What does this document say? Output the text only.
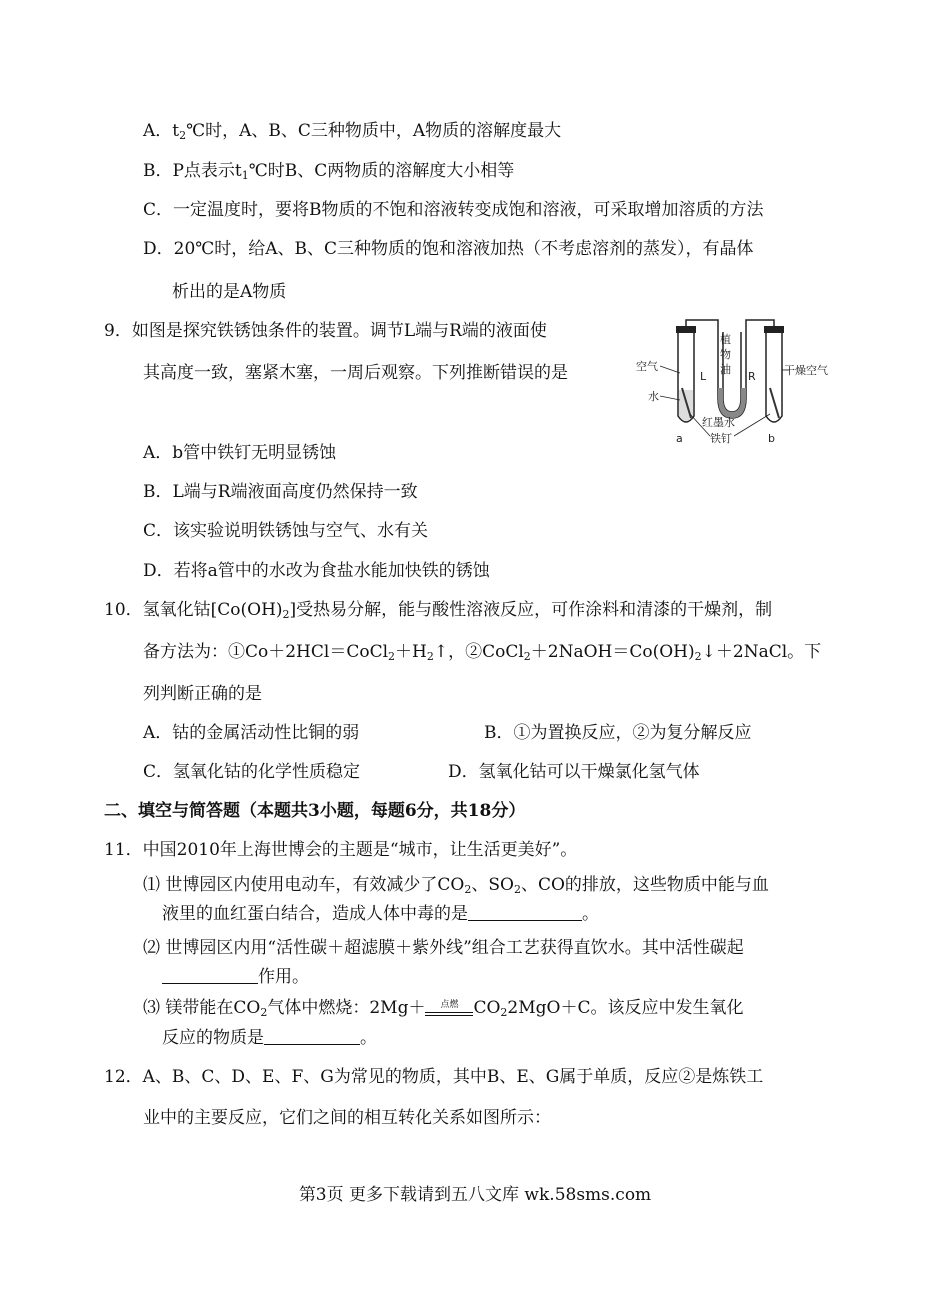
A．$t_2℃$时，A、B、C三种物质中，A物质的溶解度最大
B．P点表示$t_1℃$时B、C两物质的溶解度大小相等
C．一定温度时，要将B物质的不饱和溶液转变成饱和溶液，可采取增加溶质的方法
D．20℃时，给A、B、C三种物质的饱和溶液加热（不考虑溶剂的蒸发），有晶体
析出的是A物质
9．如图是探究铁锈蚀条件的装置。调节L端与R端的液面使
其高度一致，塞紧木塞，一周后观察。下列推断错误的是
植
物
油
空气	干燥空气
水
L	R
红墨水
铁钉
a	b
A．b管中铁钉无明显锈蚀
B．L端与R端液面高度仍然保持一致
C．该实验说明铁锈蚀与空气、水有关
D．若将a管中的水改为食盐水能加快铁的锈蚀
10．氢氧化钴$[Co(OH)_2]$受热易分解，能与酸性溶液反应，可作涂料和清漆的干燥剂，制
备方法为：$①Co+2HCl=CoCl_2+H_2↑$，$②CoCl_2+2NaOH=Co(OH)_2↓+2NaCl$。下
列判断正确的是
A．钴的金属活动性比铜的弱	B．①为置换反应，②为复分解反应
C．氢氧化钴的化学性质稳定	D．氢氧化钴可以干燥氯化氢气体
二、填空与简答题（本题共3小题，每题6分，共18分）
11．中国2010年上海世博会的主题是“城市，让生活更美好”。
⑴ 世博园区内使用电动车，有效减少了$CO_2$、$SO_2$、CO的排放，这些物质中能与血
液里的血红蛋白结合，造成人体中毒的是	。
⑵ 世博园区内用“活性碳＋超滤膜＋紫外线”组合工艺获得直饮水。其中活性碳起
作用。
⑶ 镁带能在$CO_2$气体中燃烧：2Mg＋ 点燃 $CO_22MgO+C$。该反应中发生氧化
反应的物质是	。
12．A、B、C、D、E、F、G为常见的物质，其中B、E、G属于单质，反应②是炼铁工
业中的主要反应，它们之间的相互转化关系如图所示：
第3页 更多下载请到五八文库 wk.58sms.com
